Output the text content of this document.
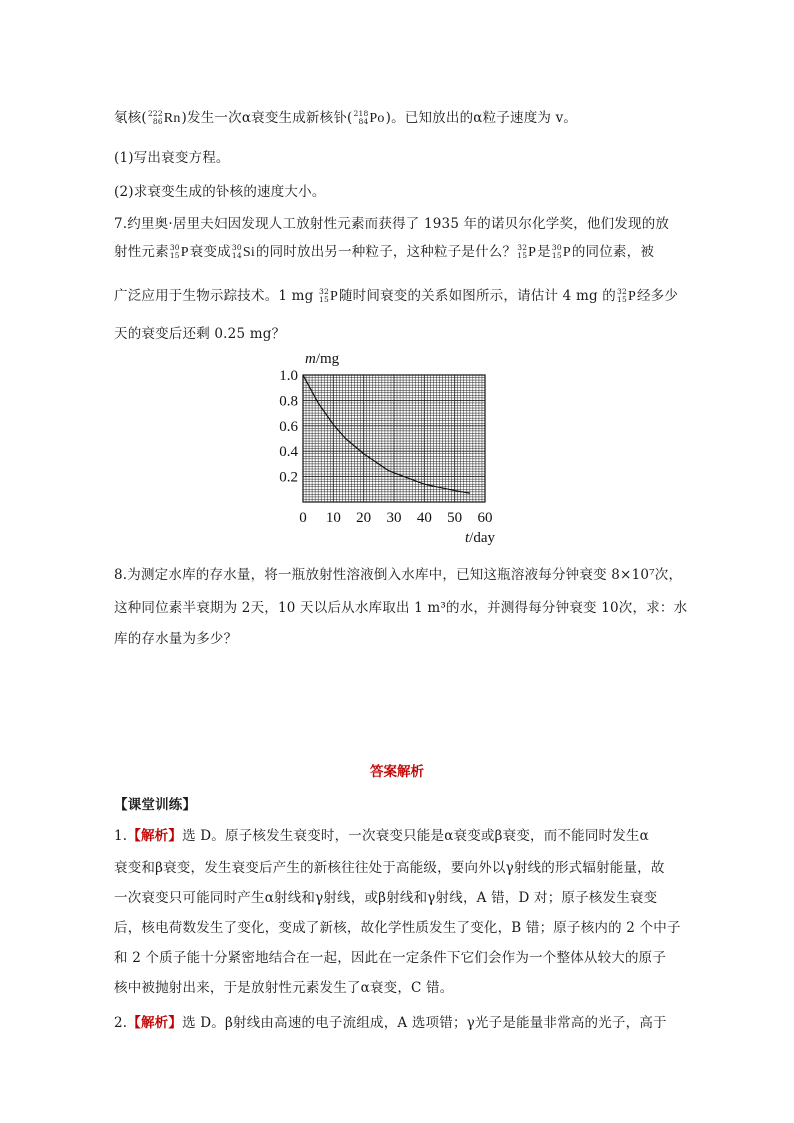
氡核( 222
86 Rn)发生一次α衰变生成新核钋( 218
84 Po)。已知放出的α粒子速度为 v。
(1)写出衰变方程。
(2)求衰变生成的钋核的速度大小。
7.约里奥·居里夫妇因发现人工放射性元素而获得了 1935 年的诺贝尔化学奖，他们发现的放
射性元素 30
15 P衰变成 30
14 Si的同时放出另一种粒子，这种粒子是什么？ 32
15 P是 30
15 P的同位素，被
广泛应用于生物示踪技术。1 mg 32
15 P随时间衰变的关系如图所示，请估计 4 mg 的 32
15 P经多少
天的衰变后还剩 0.25 mg？
0 10 20 30 40 50 60
1.0
0.8
0.6
0.4
0.2
m/mg
t/day
8.为测定水库的存水量，将一瓶放射性溶液倒入水库中，已知这瓶溶液每分钟衰变 8×10⁷次，
这种同位素半衰期为 2天，10 天以后从水库取出 1 m³的水，并测得每分钟衰变 10次，求：水
库的存水量为多少？
答案解析
【课堂训练】
1.【解析】选 D。原子核发生衰变时，一次衰变只能是α衰变或β衰变，而不能同时发生α
衰变和β衰变，发生衰变后产生的新核往往处于高能级，要向外以γ射线的形式辐射能量，故
一次衰变只可能同时产生α射线和γ射线，或β射线和γ射线，A 错，D 对；原子核发生衰变
后，核电荷数发生了变化，变成了新核，故化学性质发生了变化，B 错；原子核内的 2 个中子
和 2 个质子能十分紧密地结合在一起，因此在一定条件下它们会作为一个整体从较大的原子
核中被抛射出来，于是放射性元素发生了α衰变，C 错。
2.【解析】选 D。β射线由高速的电子流组成，A 选项错；γ光子是能量非常高的光子，高于
